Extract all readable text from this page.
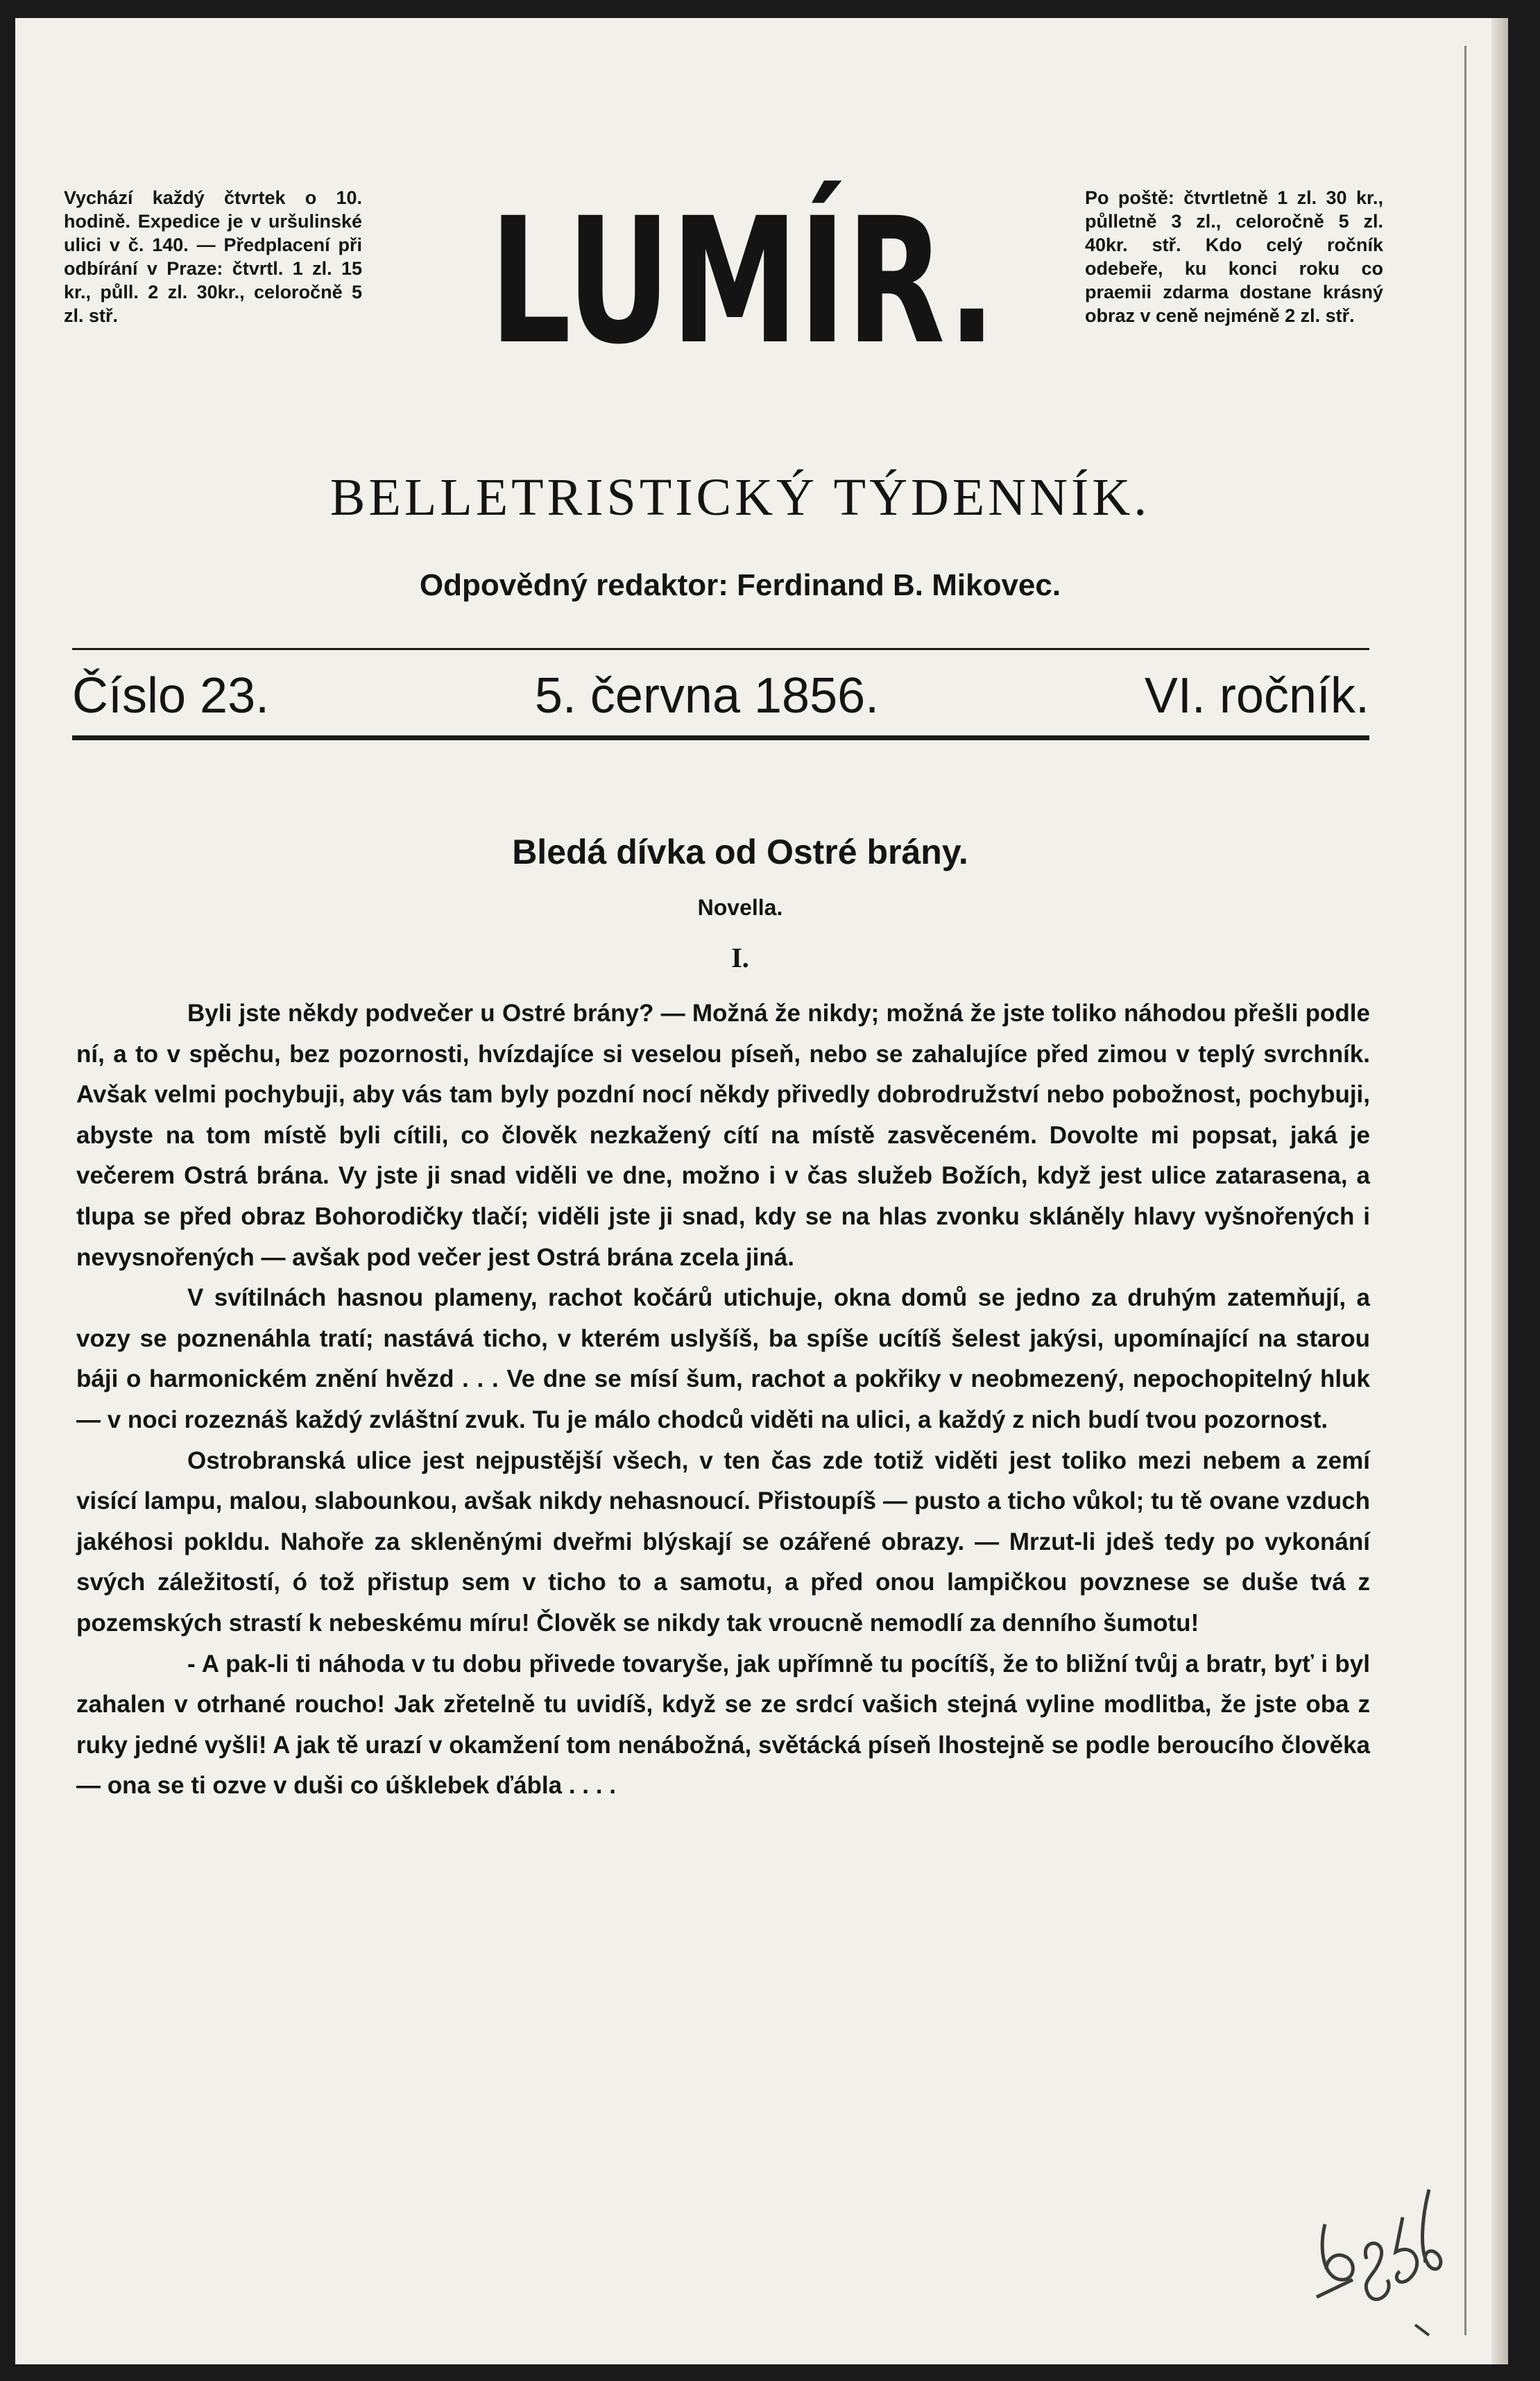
Vychází každý čtvrtek o 10. hodině. Expedice je v uršulinské ulici v č. 140. — Předplacení při odbírání v Praze: čtvrtl. 1 zl. 15 kr., půll. 2 zl. 30kr., celoročně 5 zl. stř.	LUMÍR.	Po poště: čtvrtletně 1 zl. 30 kr., půlletně 3 zl., celoročně 5 zl. 40kr. stř. Kdo celý ročník odebeře, ku konci roku co praemii zdarma dostane krásný obraz v ceně nejméně 2 zl. stř.

BELLETRISTICKÝ TÝDENNÍK.

Odpovědný redaktor: Ferdinand B. Mikovec.

Číslo 23.	5. června 1856.	VI. ročník.
Bledá dívka od Ostré brány.

Novella.

I.

Byli jste někdy podvečer u Ostré brány? — Možná že nikdy; možná že jste toliko náhodou přešli podle ní, a to v spěchu, bez pozornosti, hvízdajíce si veselou píseň, nebo se zahalujíce před zimou v teplý svrchník. Avšak velmi pochybuji, aby vás tam byly pozdní nocí někdy přivedly dobrodružství nebo pobožnost, pochybuji, abyste na tom místě byli cítili, co člověk nezkažený cítí na místě zasvěceném. Dovolte mi popsat, jaká je večerem Ostrá brána. Vy jste ji snad viděli ve dne, možno i v čas služeb Božích, když jest ulice zatarasena, a tlupa se před obraz Bohorodičky tlačí; viděli jste ji snad, kdy se na hlas zvonku skláněly hlavy vyšnořených i nevysnořených — avšak pod večer jest Ostrá brána zcela jiná.

V svítilnách hasnou plameny, rachot kočárů utichuje, okna domů se jedno za druhým zatemňují, a vozy se poznenáhla tratí; nastává ticho, v kterém uslyšíš, ba spíše ucítíš šelest jakýsi, upomínající na starou báji o harmonickém znění hvězd . . . Ve dne se mísí šum, rachot a pokřiky v neobmezený, nepochopitelný hluk — v noci rozeznáš každý zvláštní zvuk. Tu je málo chodců viděti na ulici, a každý z nich budí tvou pozornost.

Ostrobranská ulice jest nejpustější všech, v ten čas zde totiž viděti jest toliko mezi nebem a zemí visící lampu, malou, slabounkou, avšak nikdy nehasnoucí. Přistoupíš — pusto a ticho vůkol; tu tě ovane vzduch jakéhosi pokldu. Nahoře za skleněnými dveřmi blýskají se ozářené obrazy. — Mrzut-li jdeš tedy po vykonání svých záležitostí, ó tož přistup sem v ticho to a samotu, a před onou lampičkou povznese se duše tvá z pozemských strastí k nebeskému míru! Člověk se nikdy tak vroucně nemodlí za denního šumotu!

- A pak-li ti náhoda v tu dobu přivede tovaryše, jak upřímně tu pocítíš, že to bližní tvůj a bratr, byť i byl zahalen v otrhané roucho! Jak zřetelně tu uvidíš, když se ze srdcí vašich stejná vyline modlitba, že jste oba z ruky jedné vyšli! A jak tě urazí v okamžení tom nenábožná, světácká píseň lhostejně se podle beroucího člověka — ona se ti ozve v duši co úšklebek ďábla . . . .
